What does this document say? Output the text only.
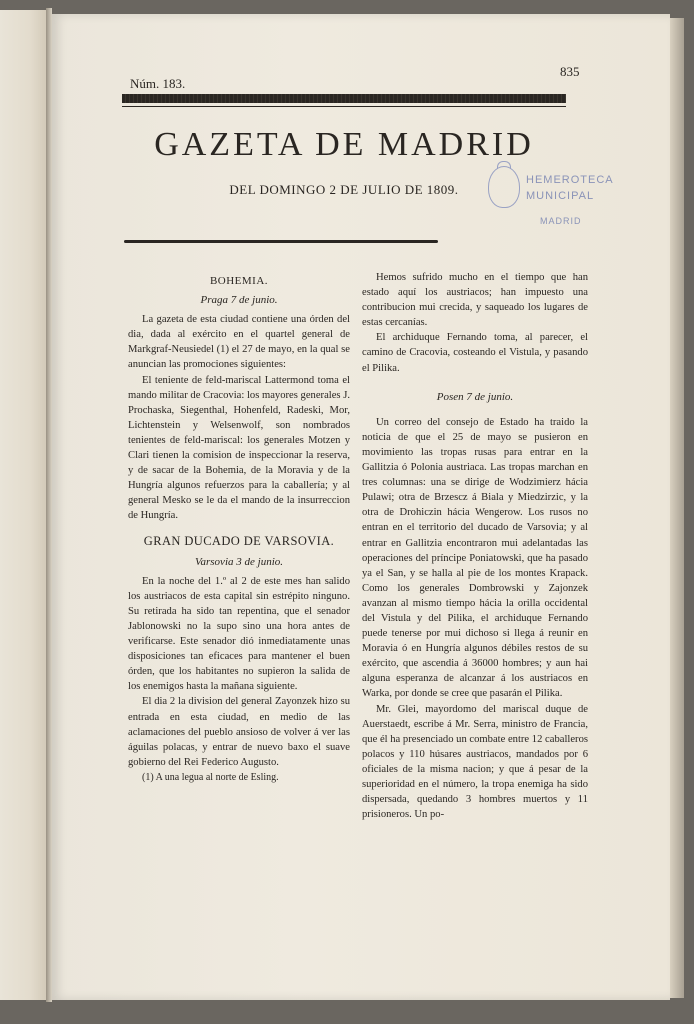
Núm. 183.
835
GAZETA DE MADRID
DEL DOMINGO 2 DE JULIO DE 1809.
HEMEROTECA
MUNICIPAL
MADRID
BOHEMIA.
Praga 7 de junio.

La gazeta de esta ciudad contiene una órden del dia, dada al exército en el quartel general de Markgraf-Neusiedel (1) el 27 de mayo, en la qual se anuncian las promociones siguientes:

El teniente de feld-mariscal Lattermond toma el mando militar de Cracovia: los mayores generales J. Prochaska, Siegenthal, Hohenfeld, Radeski, Mor, Lichtenstein y Welsenwolf, son nombrados tenientes de feld-mariscal: los generales Motzen y Clari tienen la comision de inspeccionar la reserva, y de sacar de la Bohemia, de la Moravia y de la Hungría algunos refuerzos para la caballería; y al general Mesko se le da el mando de la insurreccion de Hungría.

GRAN DUCADO DE VARSOVIA.
Varsovia 3 de junio.

En la noche del 1.º al 2 de este mes han salido los austriacos de esta capital sin estrépito ninguno. Su retirada ha sido tan repentina, que el senador Jablonowski no la supo sino una hora antes de verificarse. Este senador dió inmediatamente unas disposiciones tan eficaces para mantener el buen órden, que los habitantes no supieron la salida de los enemigos hasta la mañana siguiente.

El dia 2 la division del general Zayonzek hizo su entrada en esta ciudad, en medio de las aclamaciones del pueblo ansioso de volver á ver las águilas polacas, y entrar de nuevo baxo el suave gobierno del Rei Federico Augusto.

(1) A una legua al norte de Esling.

Hemos sufrido mucho en el tiempo que han estado aquí los austriacos; han impuesto una contribucion mui crecida, y saqueado los lugares de estas cercanías.

El archiduque Fernando toma, al parecer, el camino de Cracovia, costeando el Vistula, y pasando el Pilika.

Posen 7 de junio.

Un correo del consejo de Estado ha traido la noticia de que el 25 de mayo se pusieron en movimiento las tropas rusas para entrar en la Gallitzia ó Polonia austriaca. Las tropas marchan en tres columnas: una se dirige de Wodzimierz hácia Pulawi; otra de Brzescz á Biala y Miedzirzic, y la otra de Drohiczin hácia Wengerow. Los rusos no entran en el territorio del ducado de Varsovia; y al entrar en Gallitzia encontraron mui adelantadas las operaciones del príncipe Poniatowski, que ha pasado ya el San, y se halla al pie de los montes Krapack. Como los generales Dombrowski y Zajonzek avanzan al mismo tiempo hácia la orilla occidental del Vistula y del Pilika, el archiduque Fernando puede tenerse por mui dichoso si llega á reunir en Moravia ó en Hungría algunos débiles restos de su exército, que ascendia á 36000 hombres; y aun hai alguna esperanza de alcanzar á los austriacos en Warka, por donde se cree que pasarán el Pilika.

Mr. Glei, mayordomo del mariscal duque de Auerstaedt, escribe á Mr. Serra, ministro de Francia, que él ha presenciado un combate entre 12 caballeros polacos y 110 húsares austriacos, mandados por 6 oficiales de la misma nacion; y que á pesar de la superioridad en el número, la tropa enemiga ha sido dispersada, quedando 3 hombres muertos y 11 prisioneros. Un po-
